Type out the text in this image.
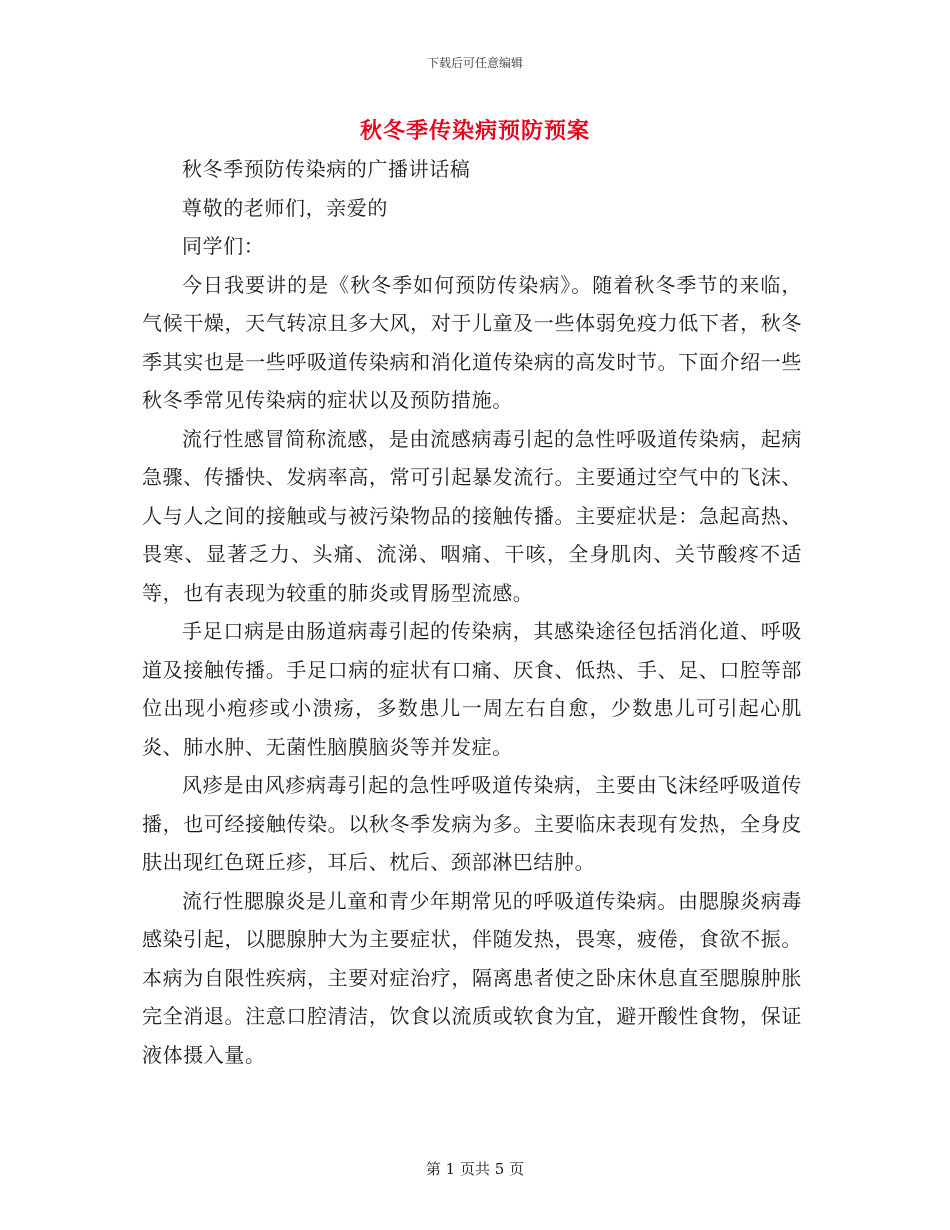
下载后可任意编辑
秋冬季传染病预防预案

秋冬季预防传染病的广播讲话稿

尊敬的老师们，亲爱的

同学们：

今日我要讲的是《秋冬季如何预防传染病》。随着秋冬季节的来临，气候干燥，天气转凉且多大风，对于儿童及一些体弱免疫力低下者，秋冬季其实也是一些呼吸道传染病和消化道传染病的高发时节。下面介绍一些秋冬季常见传染病的症状以及预防措施。

流行性感冒简称流感，是由流感病毒引起的急性呼吸道传染病，起病急骤、传播快、发病率高，常可引起暴发流行。主要通过空气中的飞沫、人与人之间的接触或与被污染物品的接触传播。主要症状是：急起高热、畏寒、显著乏力、头痛、流涕、咽痛、干咳，全身肌肉、关节酸疼不适等，也有表现为较重的肺炎或胃肠型流感。

手足口病是由肠道病毒引起的传染病，其感染途径包括消化道、呼吸道及接触传播。手足口病的症状有口痛、厌食、低热、手、足、口腔等部位出现小疱疹或小溃疡，多数患儿一周左右自愈，少数患儿可引起心肌炎、肺水肿、无菌性脑膜脑炎等并发症。

风疹是由风疹病毒引起的急性呼吸道传染病，主要由飞沫经呼吸道传播，也可经接触传染。以秋冬季发病为多。主要临床表现有发热，全身皮肤出现红色斑丘疹，耳后、枕后、颈部淋巴结肿。

流行性腮腺炎是儿童和青少年期常见的呼吸道传染病。由腮腺炎病毒感染引起，以腮腺肿大为主要症状，伴随发热，畏寒，疲倦，食欲不振。本病为自限性疾病，主要对症治疗，隔离患者使之卧床休息直至腮腺肿胀完全消退。注意口腔清洁，饮食以流质或软食为宜，避开酸性食物，保证液体摄入量。

第 1 页共 5 页
